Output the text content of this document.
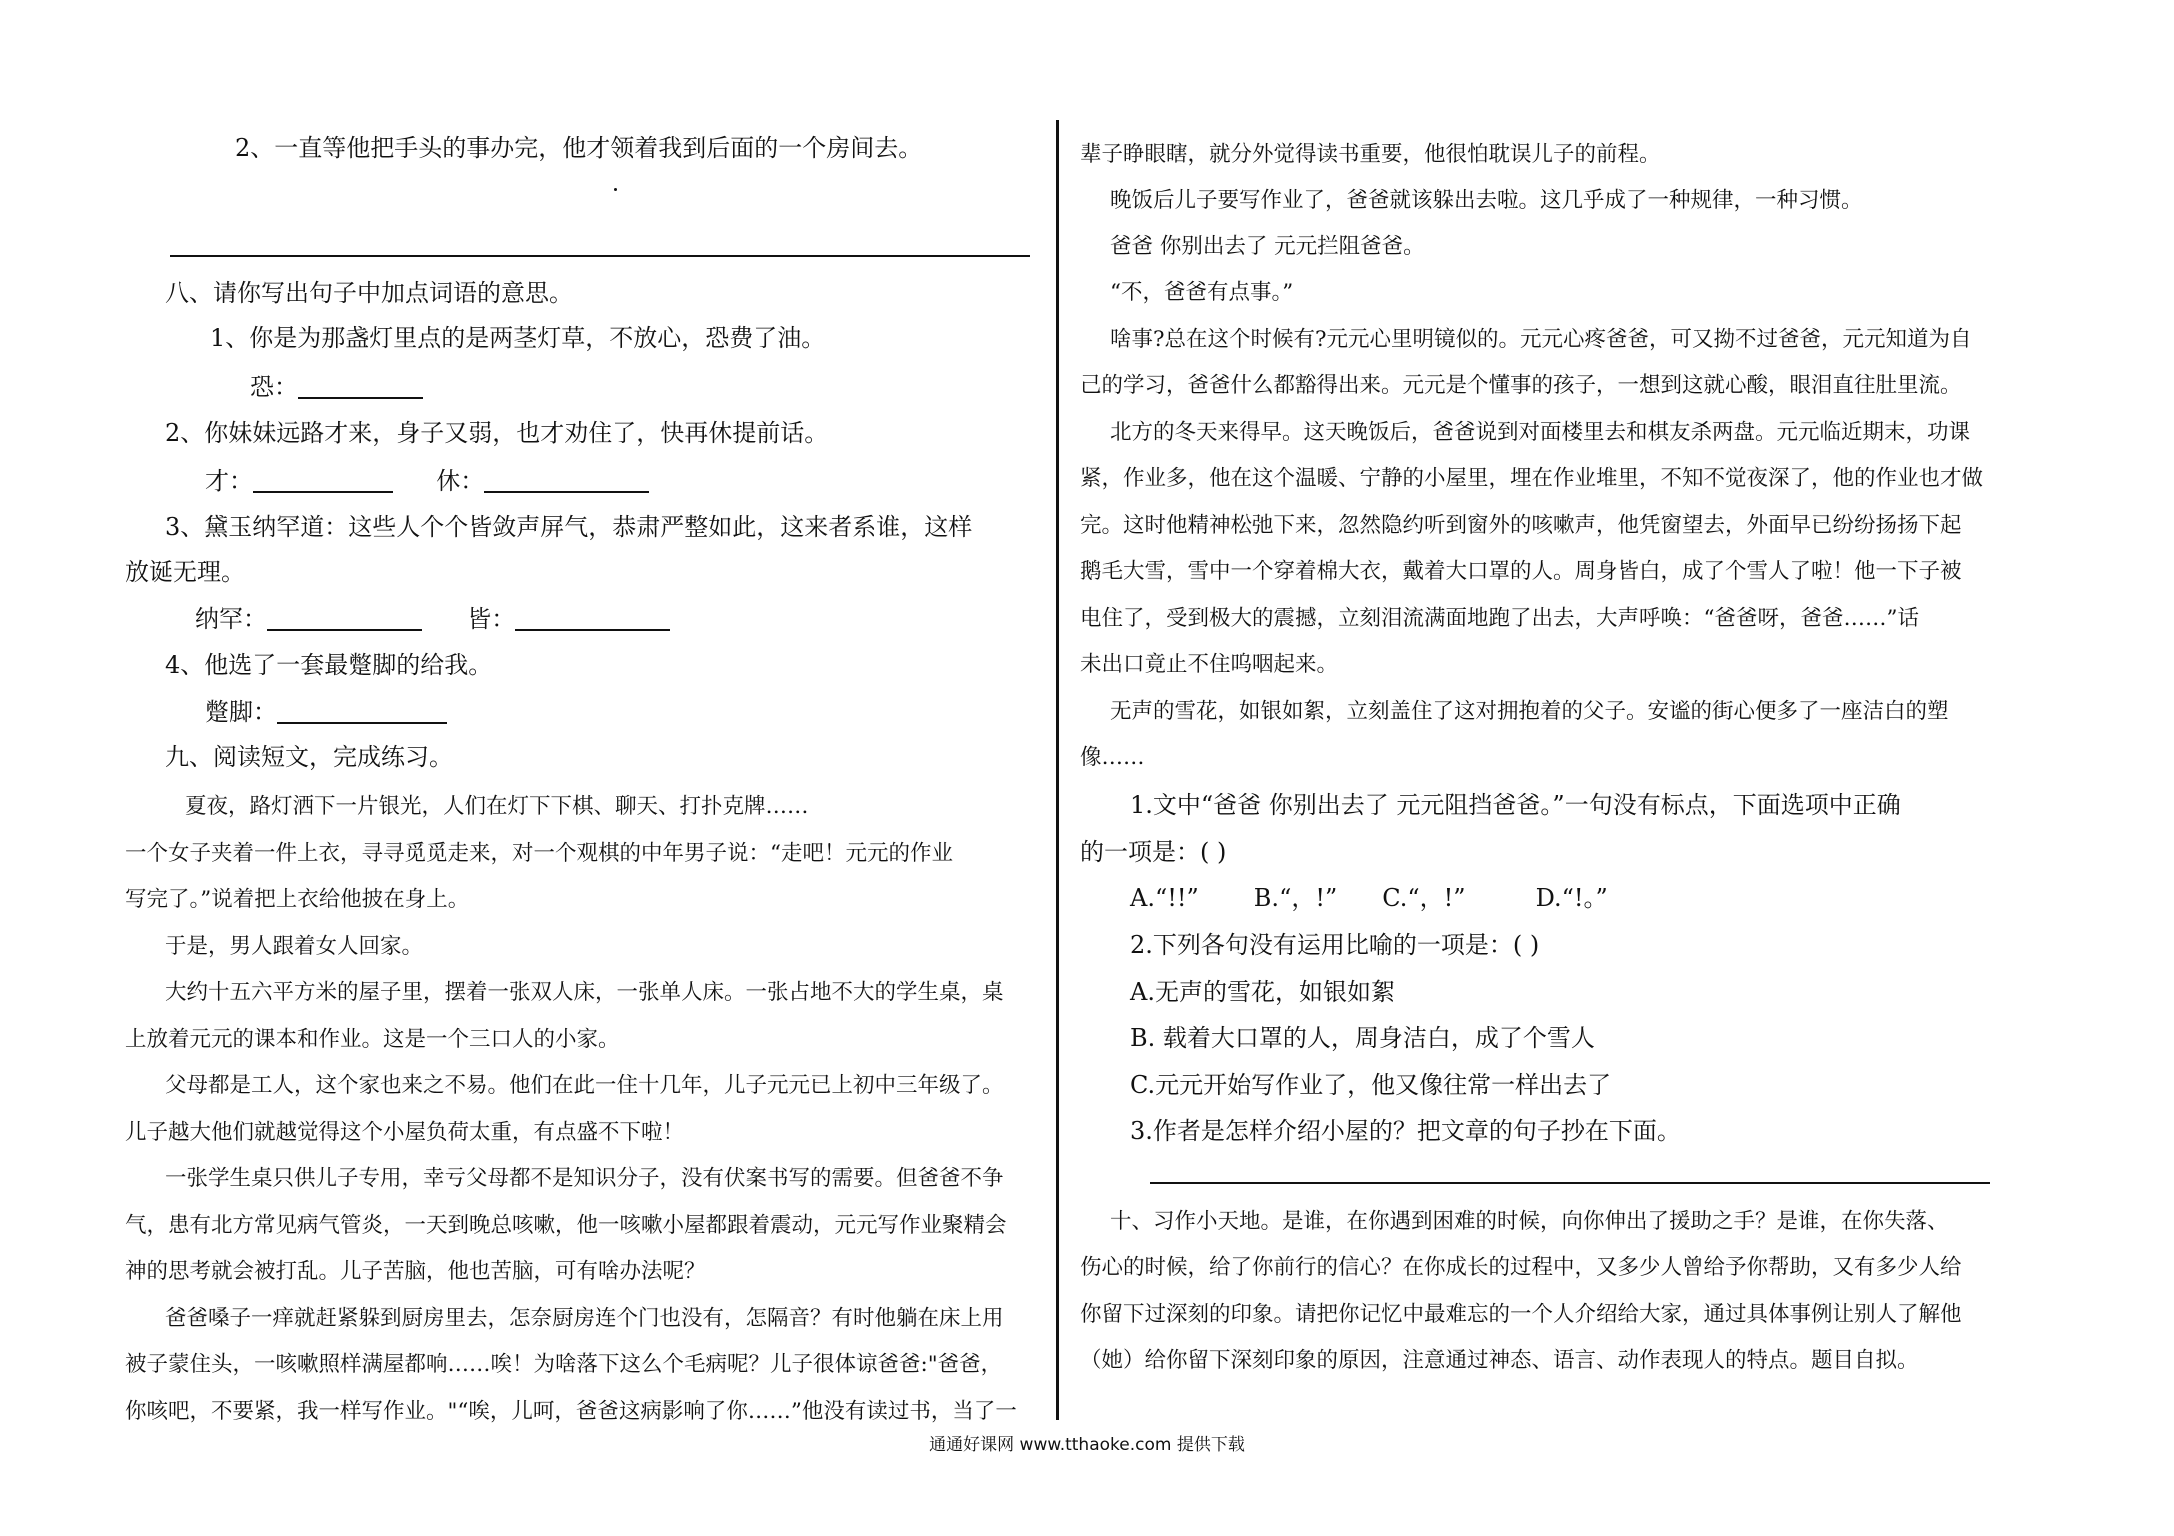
2、一直等他把手头的事办完，他才领着我到后面的一个房间去。
八、请你写出句子中加点词语的意思。
1、你是为那盏灯里点的是两茎灯草，不放心，恐费了油。
恐：
2、你妹妹远路才来，身子又弱，也才劝住了，快再休提前话。
才：	休：
3、黛玉纳罕道：这些人个个皆敛声屏气，恭肃严整如此，这来者系谁，这样
放诞无理。
纳罕：	皆：
4、他选了一套最蹩脚的给我。
蹩脚：
九、阅读短文，完成练习。
夏夜，路灯洒下一片银光，人们在灯下下棋、聊天、打扑克牌……
一个女子夹着一件上衣，寻寻觅觅走来，对一个观棋的中年男子说：“走吧！元元的作业
写完了。”说着把上衣给他披在身上。
于是，男人跟着女人回家。
大约十五六平方米的屋子里，摆着一张双人床，一张单人床。一张占地不大的学生桌，桌
上放着元元的课本和作业。这是一个三口人的小家。
父母都是工人，这个家也来之不易。他们在此一住十几年，儿子元元已上初中三年级了。
儿子越大他们就越觉得这个小屋负荷太重，有点盛不下啦！
一张学生桌只供儿子专用，幸亏父母都不是知识分子，没有伏案书写的需要。但爸爸不争
气，患有北方常见病气管炎，一天到晚总咳嗽，他一咳嗽小屋都跟着震动，元元写作业聚精会
神的思考就会被打乱。儿子苦脑，他也苦脑，可有啥办法呢？
爸爸嗓子一痒就赶紧躲到厨房里去，怎奈厨房连个门也没有，怎隔音？有时他躺在床上用
被子蒙住头，一咳嗽照样满屋都响……唉！为啥落下这么个毛病呢？儿子很体谅爸爸:"爸爸，
你咳吧，不要紧，我一样写作业。"“唉，儿呵，爸爸这病影响了你……”他没有读过书，当了一
辈子睁眼瞎，就分外觉得读书重要，他很怕耽误儿子的前程。
晚饭后儿子要写作业了，爸爸就该躲出去啦。这几乎成了一种规律，一种习惯。
爸爸 你别出去了 元元拦阻爸爸。
“不，爸爸有点事。”
啥事?总在这个时候有?元元心里明镜似的。元元心疼爸爸，可又拗不过爸爸，元元知道为自
己的学习，爸爸什么都豁得出来。元元是个懂事的孩子，一想到这就心酸，眼泪直往肚里流。
北方的冬天来得早。这天晚饭后，爸爸说到对面楼里去和棋友杀两盘。元元临近期末，功课
紧，作业多，他在这个温暖、宁静的小屋里，埋在作业堆里，不知不觉夜深了，他的作业也才做
完。这时他精神松弛下来，忽然隐约听到窗外的咳嗽声，他凭窗望去，外面早已纷纷扬扬下起
鹅毛大雪，雪中一个穿着棉大衣，戴着大口罩的人。周身皆白，成了个雪人了啦！他一下子被
电住了，受到极大的震撼，立刻泪流满面地跑了出去，大声呼唤：“爸爸呀，爸爸……”话
未出口竟止不住呜咽起来。
无声的雪花，如银如絮，立刻盖住了这对拥抱着的父子。安谧的街心便多了一座洁白的塑
像……
1.文中“爸爸 你别出去了 元元阻挡爸爸。”一句没有标点，下面选项中正确
的一项是：( )
A.“!!” B.“，!” C.“，!”	D.“!。”
2.下列各句没有运用比喻的一项是：( )
A.无声的雪花，如银如絮
B. 载着大口罩的人，周身洁白，成了个雪人
C.元元开始写作业了，他又像往常一样出去了
3.作者是怎样介绍小屋的？把文章的句子抄在下面。
十、习作小天地。是谁，在你遇到困难的时候，向你伸出了援助之手？是谁，在你失落、
伤心的时候，给了你前行的信心？在你成长的过程中，又多少人曾给予你帮助，又有多少人给
你留下过深刻的印象。请把你记忆中最难忘的一个人介绍给大家，通过具体事例让别人了解他
（她）给你留下深刻印象的原因，注意通过神态、语言、动作表现人的特点。题目自拟。
通通好课网 www.tthaoke.com 提供下载
